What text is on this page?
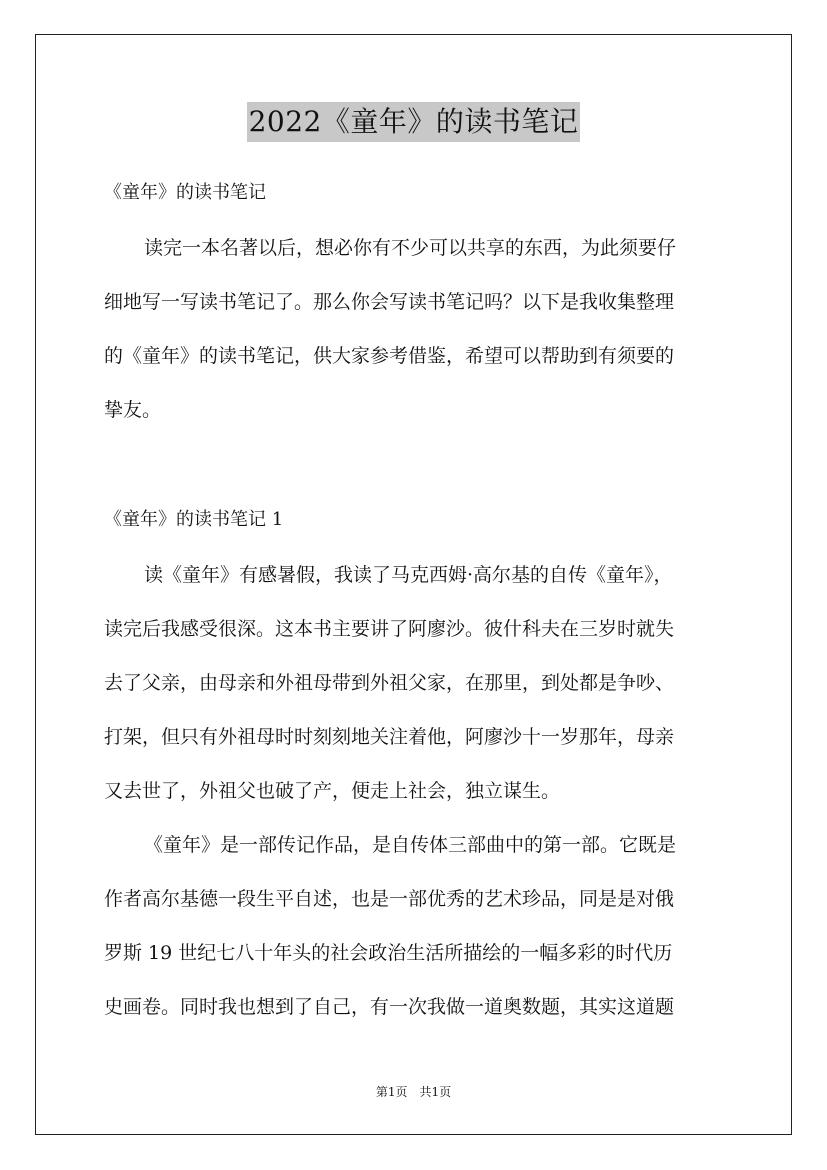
2022《童年》的读书笔记
《童年》的读书笔记
读完一本名著以后，想必你有不少可以共享的东西，为此须要仔
细地写一写读书笔记了。那么你会写读书笔记吗？以下是我收集整理
的《童年》的读书笔记，供大家参考借鉴，希望可以帮助到有须要的
挚友。
《童年》的读书笔记 1
读《童年》有感暑假，我读了马克西姆·高尔基的自传《童年》，
读完后我感受很深。这本书主要讲了阿廖沙。彼什科夫在三岁时就失
去了父亲，由母亲和外祖母带到外祖父家，在那里，到处都是争吵、
打架，但只有外祖母时时刻刻地关注着他，阿廖沙十一岁那年，母亲
又去世了，外祖父也破了产，便走上社会，独立谋生。
《童年》是一部传记作品，是自传体三部曲中的第一部。它既是
作者高尔基德一段生平自述，也是一部优秀的艺术珍品，同是是对俄
罗斯 19 世纪七八十年头的社会政治生活所描绘的一幅多彩的时代历
史画卷。同时我也想到了自己，有一次我做一道奥数题，其实这道题
第1页　共1页
